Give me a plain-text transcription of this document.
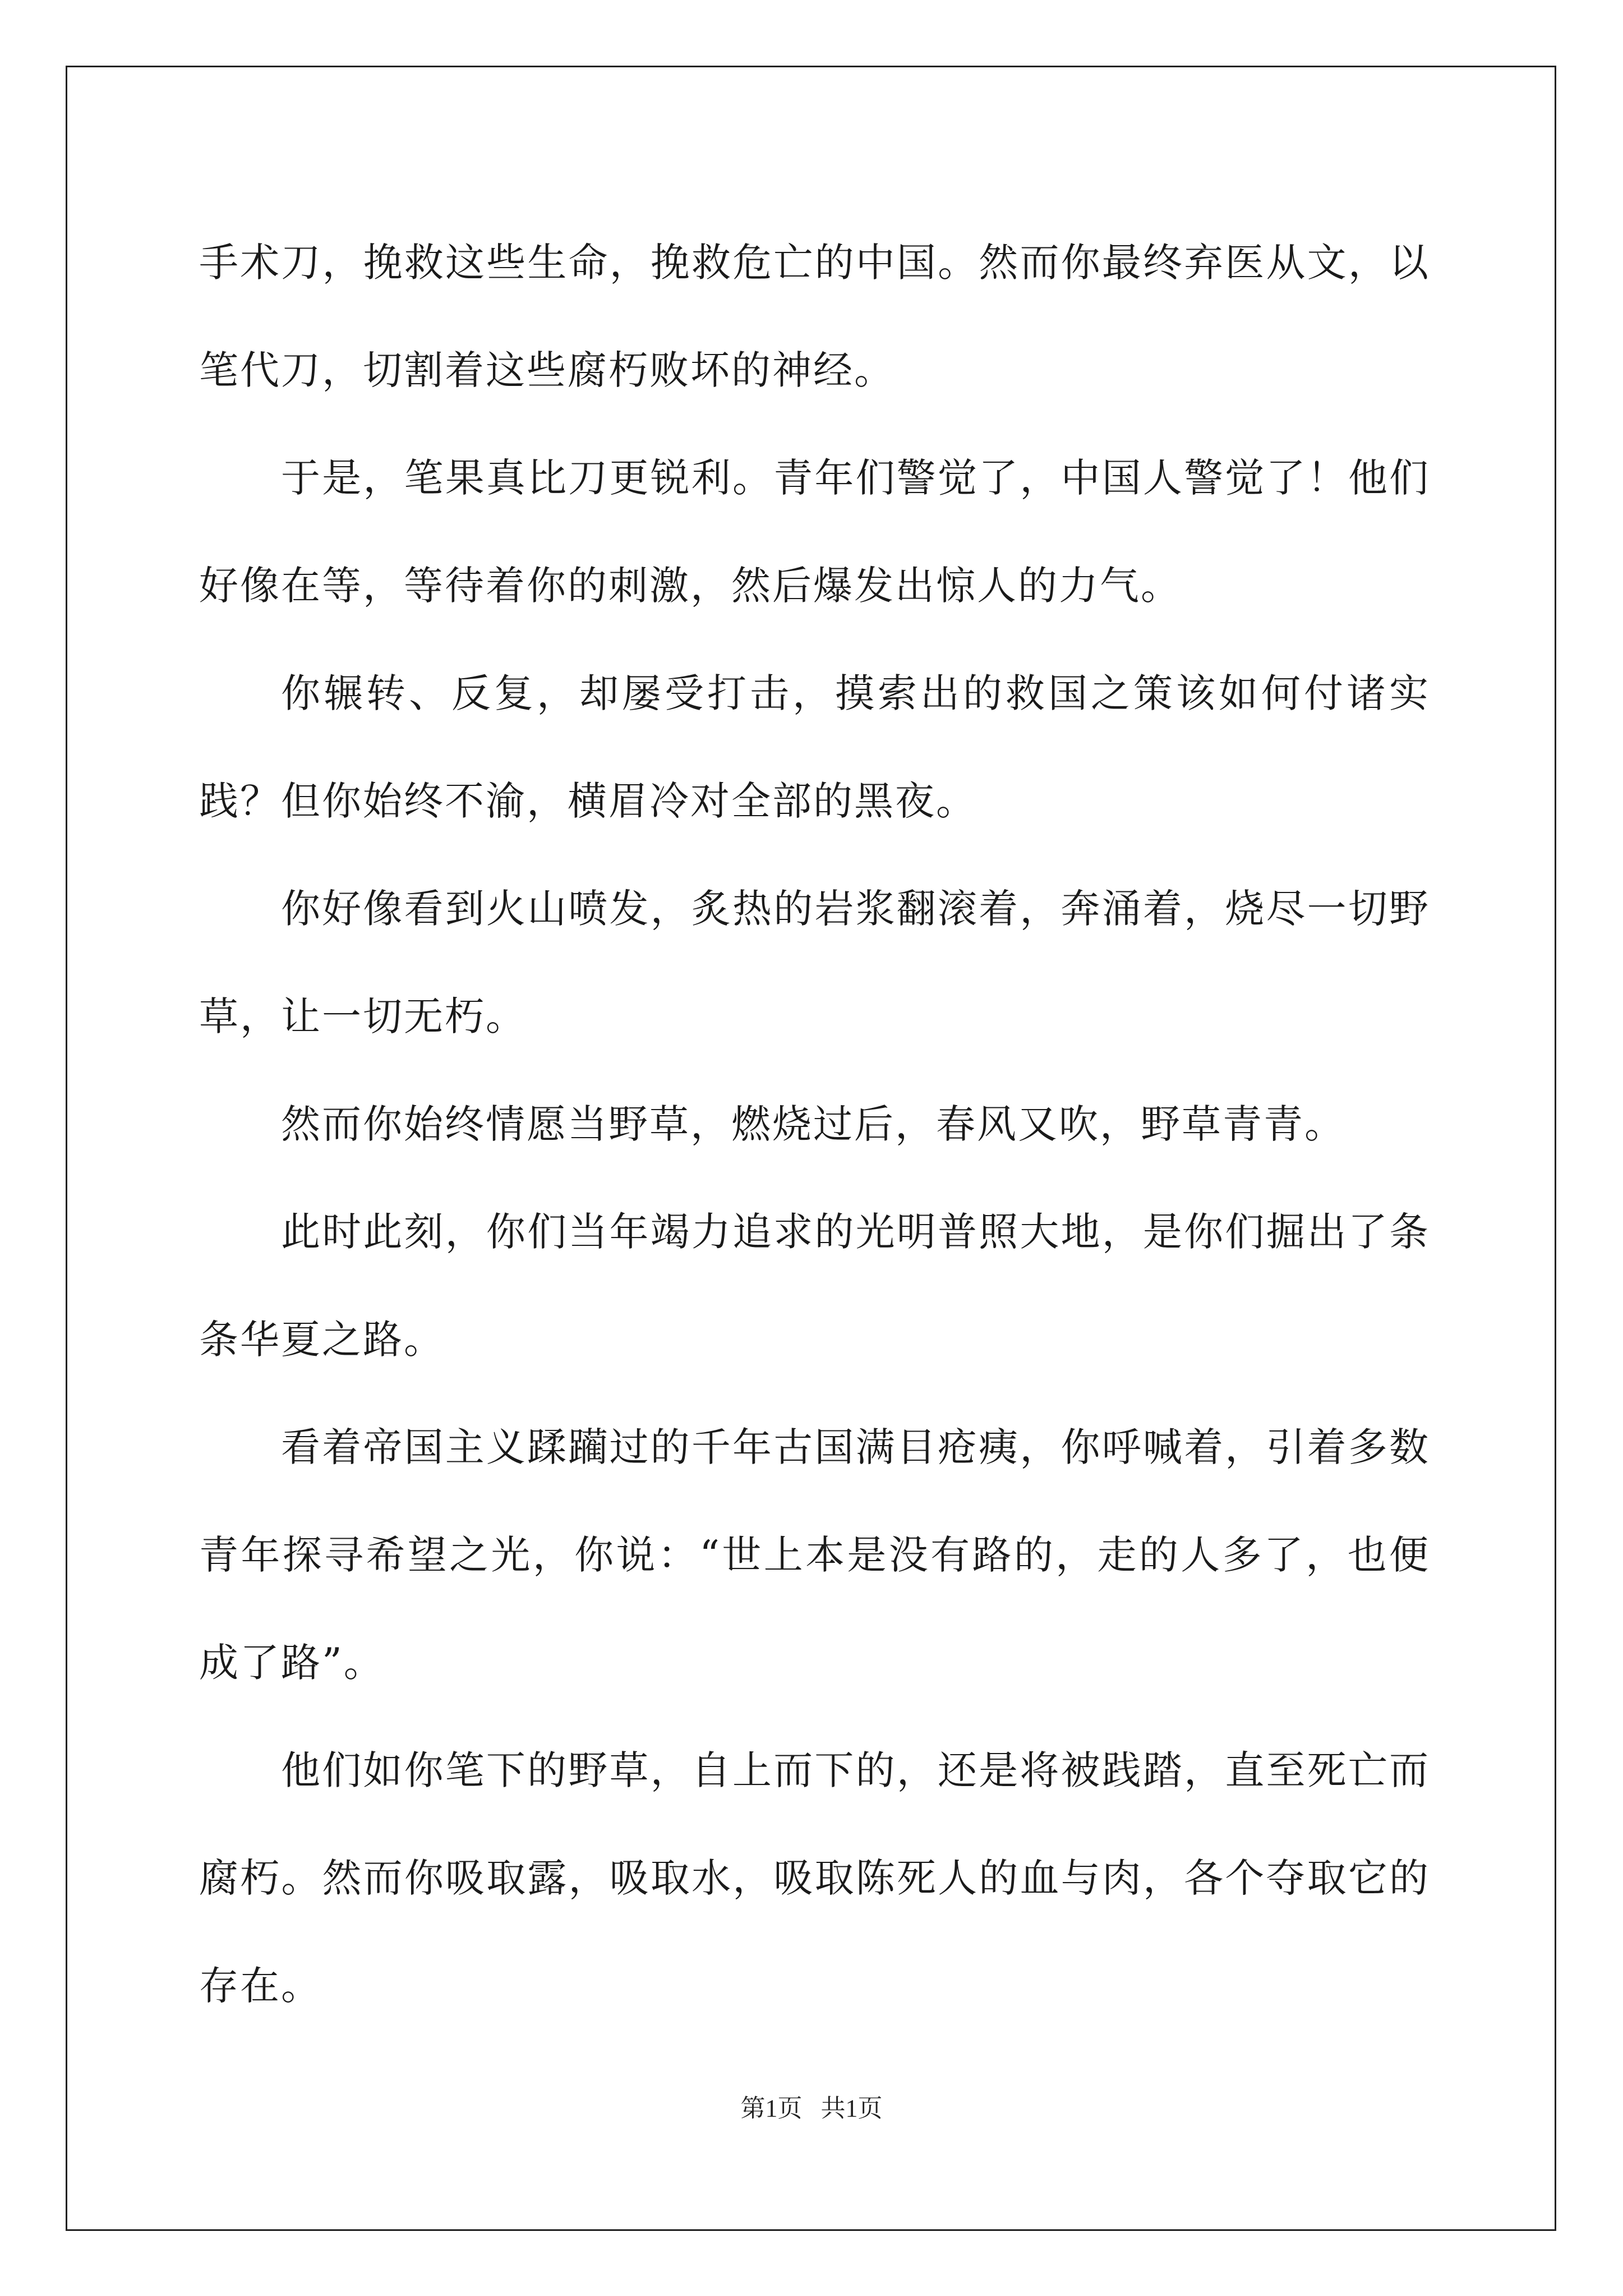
手术刀，挽救这些生命，挽救危亡的中国。然而你最终弃医从文，以笔代刀，切割着这些腐朽败坏的神经。

于是，笔果真比刀更锐利。青年们警觉了，中国人警觉了！他们好像在等，等待着你的刺激，然后爆发出惊人的力气。

你辗转、反复，却屡受打击，摸索出的救国之策该如何付诸实践？但你始终不渝，横眉冷对全部的黑夜。

你好像看到火山喷发，炙热的岩浆翻滚着，奔涌着，烧尽一切野草，让一切无朽。

然而你始终情愿当野草，燃烧过后，春风又吹，野草青青。

此时此刻，你们当年竭力追求的光明普照大地，是你们掘出了条条华夏之路。

看着帝国主义蹂躏过的千年古国满目疮痍，你呼喊着，引着多数青年探寻希望之光，你说：“世上本是没有路的，走的人多了，也便成了路”。

他们如你笔下的野草，自上而下的，还是将被践踏，直至死亡而腐朽。然而你吸取露，吸取水，吸取陈死人的血与肉，各个夺取它的存在。

第1页   共1页
